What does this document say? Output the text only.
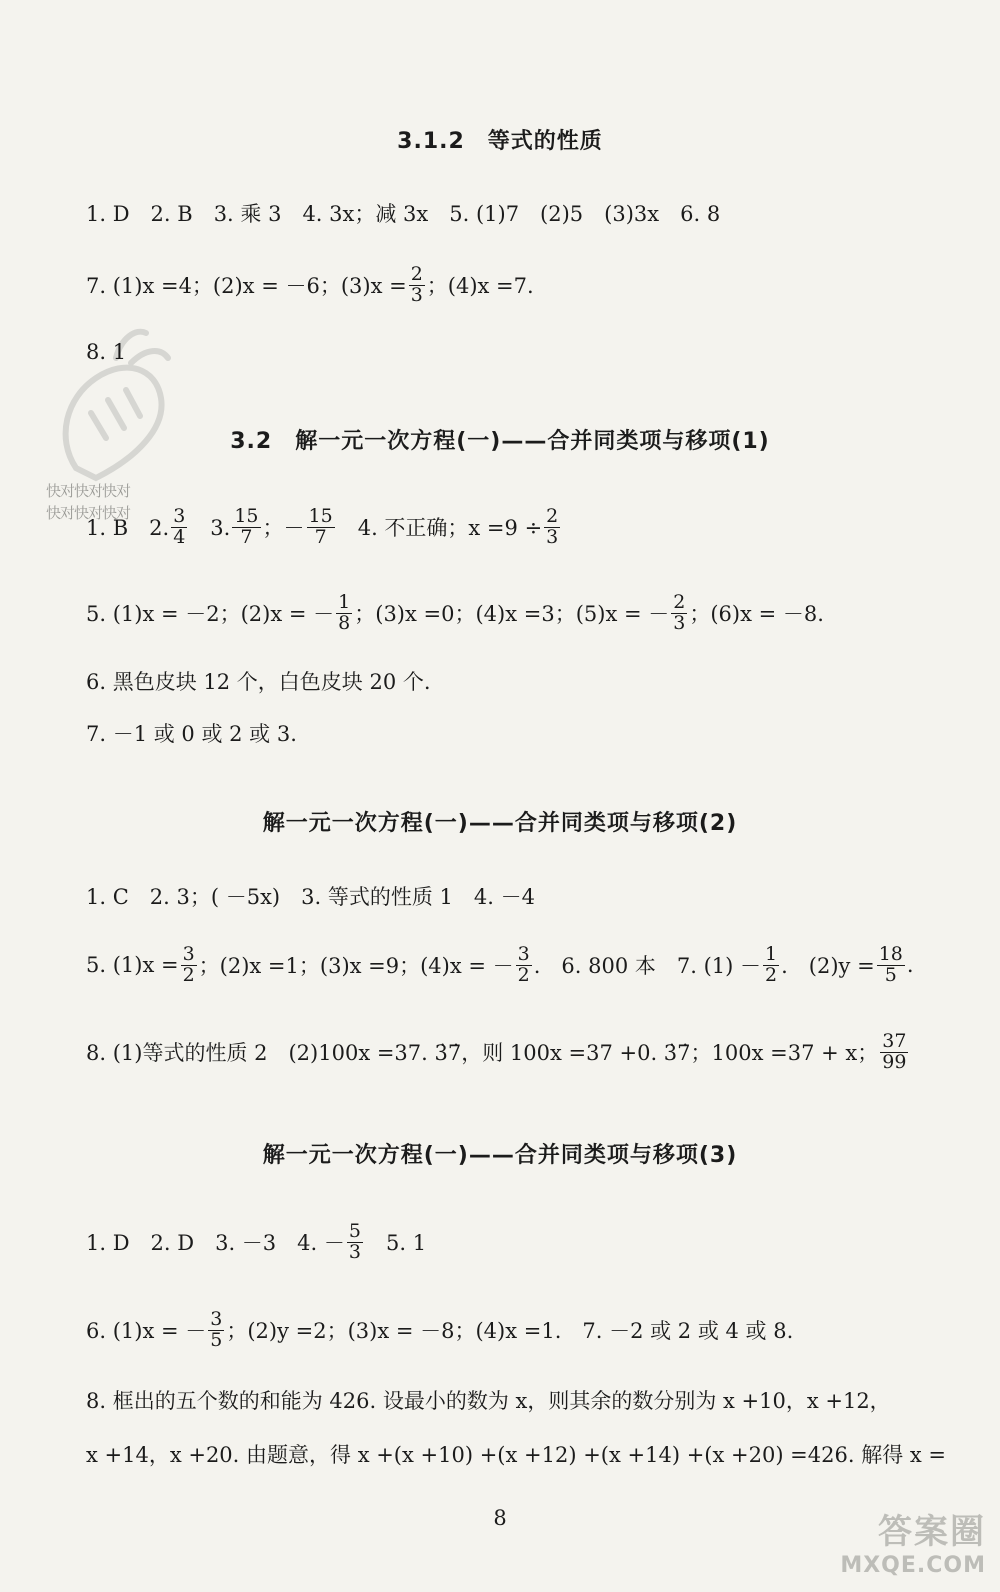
快对快对快对
快对快对快对
3.1.2　等式的性质
1. D　2. B　3. 乘 3　4. 3x；减 3x　5. (1)7　(2)5　(3)3x　6. 8
7. (1)x =4；(2)x = －6；$(3)x = \frac{2}{3}$ ；(4)x =7.
8. 1
3.2　解一元一次方程(一)——合并同类项与移项(1)
1. B　2. $\frac{3}{4}$ 　3. $\frac{15}{7}$ ；－ $\frac{15}{7}$ 　4. 不正确；$x =9 \div \frac{2}{3}$
5. (1)x = －2；(2)x = － $\frac{1}{8}$ ；(3)x =0；(4)x =3；(5)x = － $\frac{2}{3}$ ；(6)x = －8.
6. 黑色皮块 12 个，白色皮块 20 个.
7. －1 或 0 或 2 或 3.
解一元一次方程(一)——合并同类项与移项(2)
1. C　2. 3；( －5x)　3. 等式的性质 1　4. －4
5. $(1)x = \frac{3}{2}$ ；(2)x =1；(3)x =9；(4)x = － $\frac{3}{2}$ .　6. 800 本　7. $(1) - \frac{1}{2}$ .　$(2)y = \frac{18}{5}$ .
8. (1)等式的性质 2　(2)100x =37. 3̇7̇，则 100x =37 +0. 3̇7̇；100x =37 + x； $\frac{37}{99}$
解一元一次方程(一)——合并同类项与移项(3)
1. D　2. D　3. －3　4. － $\frac{5}{3}$ 　5. 1
6. (1)x = － $\frac{3}{5}$ ；(2)y =2；(3)x = －8；(4)x =1.　7. －2 或 2 或 4 或 8.
8. 框出的五个数的和能为 426. 设最小的数为 x，则其余的数分别为 x +10，x +12，
x +14，x +20. 由题意，得 x +(x +10) +(x +12) +(x +14) +(x +20) =426. 解得 x =
8	答案圈
MXQE.COM
